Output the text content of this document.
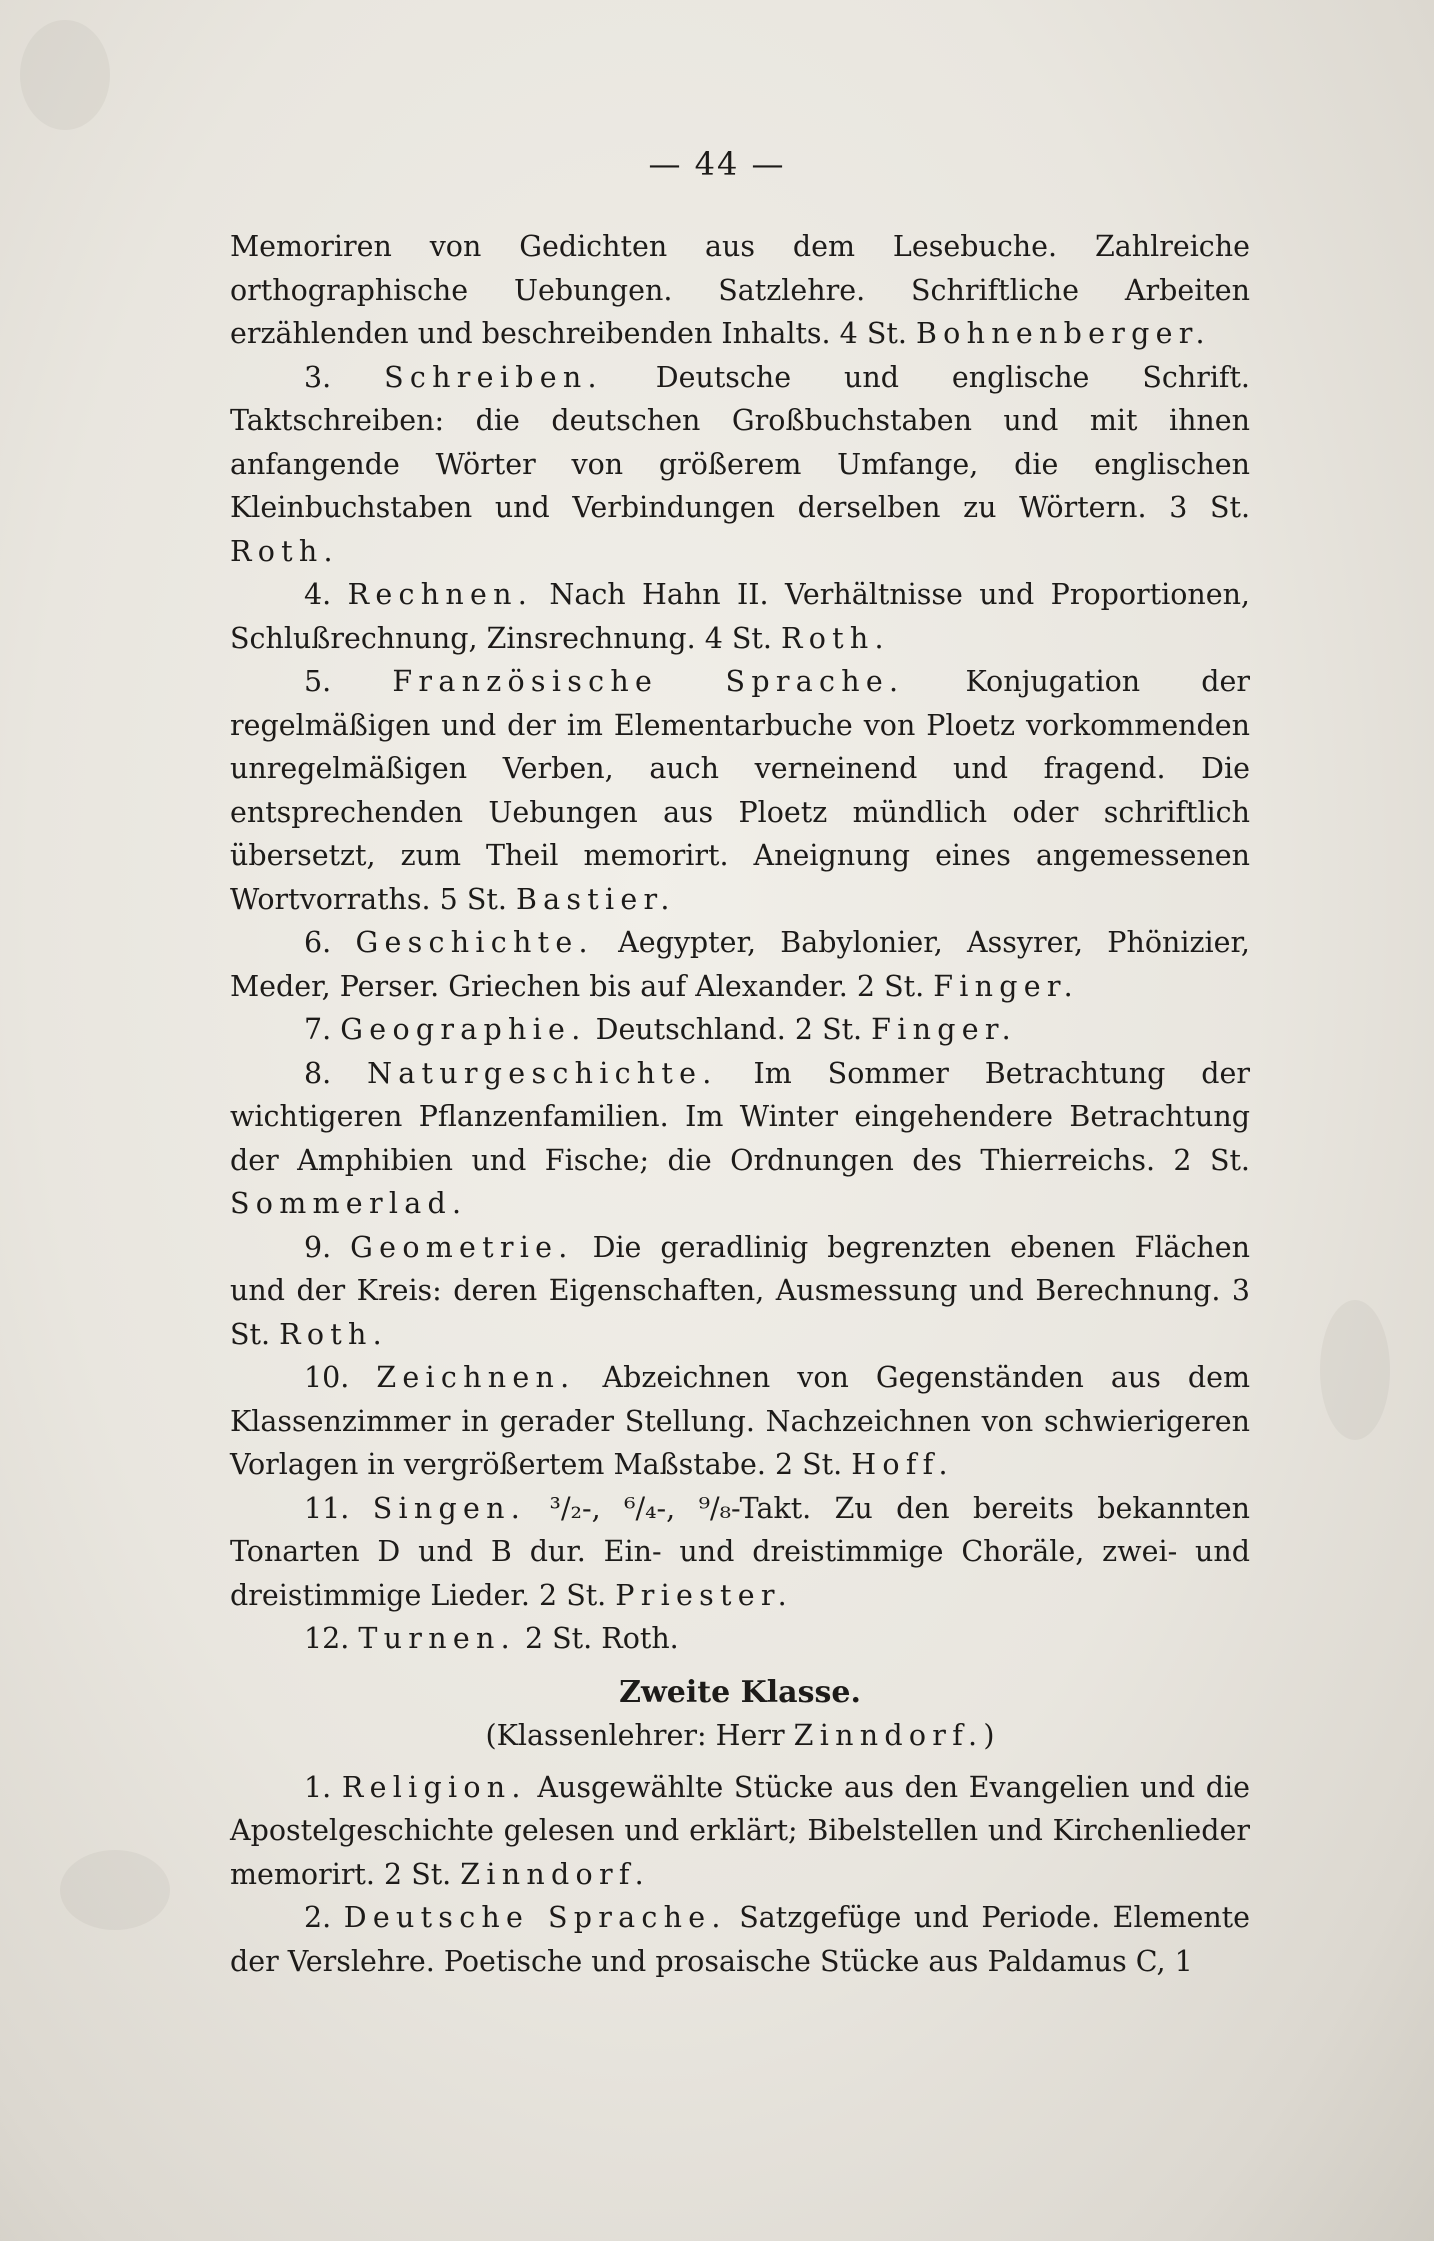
— 44 —

Memoriren von Gedichten aus dem Lesebuche. Zahlreiche orthographische Uebungen. Satzlehre. Schriftliche Arbeiten erzählenden und beschreibenden Inhalts. 4 St. Bohnenberger.

3. Schreiben. Deutsche und englische Schrift. Taktschreiben: die deutschen Großbuchstaben und mit ihnen anfangende Wörter von größerem Umfange, die englischen Kleinbuchstaben und Verbindungen derselben zu Wörtern. 3 St. Roth.

4. Rechnen. Nach Hahn II. Verhältnisse und Proportionen, Schlußrechnung, Zinsrechnung. 4 St. Roth.

5. Französische Sprache. Konjugation der regelmäßigen und der im Elementarbuche von Ploetz vorkommenden unregelmäßigen Verben, auch verneinend und fragend. Die entsprechenden Uebungen aus Ploetz mündlich oder schriftlich übersetzt, zum Theil memorirt. Aneignung eines angemessenen Wortvorraths. 5 St. Bastier.

6. Geschichte. Aegypter, Babylonier, Assyrer, Phönizier, Meder, Perser. Griechen bis auf Alexander. 2 St. Finger.

7. Geographie. Deutschland. 2 St. Finger.

8. Naturgeschichte. Im Sommer Betrachtung der wichtigeren Pflanzenfamilien. Im Winter eingehendere Betrachtung der Amphibien und Fische; die Ordnungen des Thierreichs. 2 St. Sommerlad.

9. Geometrie. Die geradlinig begrenzten ebenen Flächen und der Kreis: deren Eigenschaften, Ausmessung und Berechnung. 3 St. Roth.

10. Zeichnen. Abzeichnen von Gegenständen aus dem Klassenzimmer in gerader Stellung. Nachzeichnen von schwierigeren Vorlagen in vergrößertem Maßstabe. 2 St. Hoff.

11. Singen. ³/₂-, ⁶/₄-, ⁹/₈-Takt. Zu den bereits bekannten Tonarten D und B dur. Ein- und dreistimmige Choräle, zwei- und dreistimmige Lieder. 2 St. Priester.

12. Turnen. 2 St. Roth.

Zweite Klasse.

(Klassenlehrer: Herr Zinndorf.)

1. Religion. Ausgewählte Stücke aus den Evangelien und die Apostelgeschichte gelesen und erklärt; Bibelstellen und Kirchenlieder memorirt. 2 St. Zinndorf.

2. Deutsche Sprache. Satzgefüge und Periode. Elemente der Verslehre. Poetische und prosaische Stücke aus Paldamus C, 1
